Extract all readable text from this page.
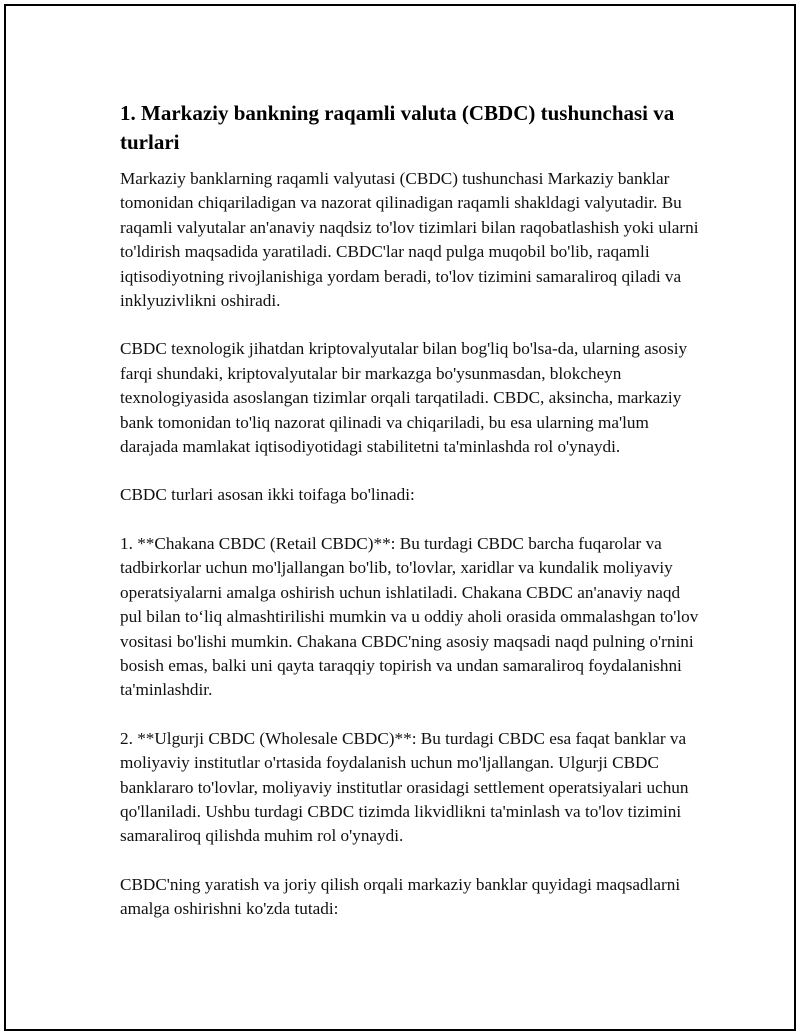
1. Markaziy bankning raqamli valuta (CBDC) tushunchasi va turlari

Markaziy banklarning raqamli valyutasi (CBDC) tushunchasi Markaziy banklar tomonidan chiqariladigan va nazorat qilinadigan raqamli shakldagi valyutadir. Bu raqamli valyutalar an'anaviy naqdsiz to'lov tizimlari bilan raqobatlashish yoki ularni to'ldirish maqsadida yaratiladi. CBDC'lar naqd pulga muqobil bo'lib, raqamli iqtisodiyotning rivojlanishiga yordam beradi, to'lov tizimini samaraliroq qiladi va inklyuzivlikni oshiradi.

CBDC texnologik jihatdan kriptovalyutalar bilan bog'liq bo'lsa-da, ularning asosiy farqi shundaki, kriptovalyutalar bir markazga bo'ysunmasdan, blokcheyn texnologiyasida asoslangan tizimlar orqali tarqatiladi. CBDC, aksincha, markaziy bank tomonidan to'liq nazorat qilinadi va chiqariladi, bu esa ularning ma'lum darajada mamlakat iqtisodiyotidagi stabilitetni ta'minlashda rol o'ynaydi.

CBDC turlari asosan ikki toifaga bo'linadi:

1. **Chakana CBDC (Retail CBDC)**: Bu turdagi CBDC barcha fuqarolar va tadbirkorlar uchun mo'ljallangan bo'lib, to'lovlar, xaridlar va kundalik moliyaviy operatsiyalarni amalga oshirish uchun ishlatiladi. Chakana CBDC an'anaviy naqd pul bilan to‘liq almashtirilishi mumkin va u oddiy aholi orasida ommalashgan to'lov vositasi bo'lishi mumkin. Chakana CBDC'ning asosiy maqsadi naqd pulning o'rnini bosish emas, balki uni qayta taraqqiy topirish va undan samaraliroq foydalanishni ta'minlashdir.

2. **Ulgurji CBDC (Wholesale CBDC)**: Bu turdagi CBDC esa faqat banklar va moliyaviy institutlar o'rtasida foydalanish uchun mo'ljallangan. Ulgurji CBDC banklararo to'lovlar, moliyaviy institutlar orasidagi settlement operatsiyalari uchun qo'llaniladi. Ushbu turdagi CBDC tizimda likvidlikni ta'minlash va to'lov tizimini samaraliroq qilishda muhim rol o'ynaydi.

CBDC'ning yaratish va joriy qilish orqali markaziy banklar quyidagi maqsadlarni amalga oshirishni ko'zda tutadi:
